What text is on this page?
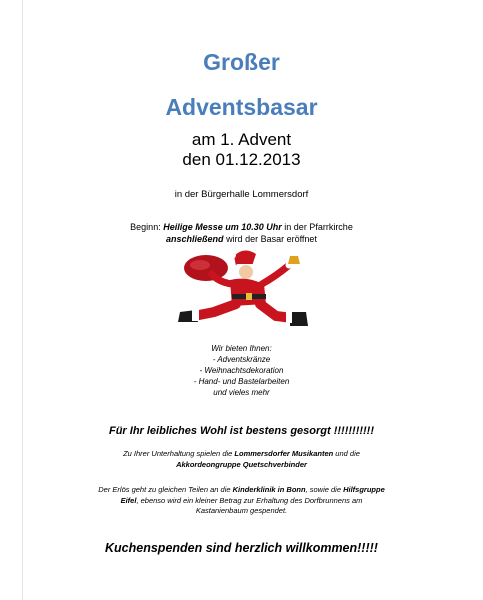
Großer
Adventsbasar
am 1. Advent
den 01.12.2013
in der Bürgerhalle Lommersdorf
Beginn: Heilige Messe um 10.30 Uhr in der Pfarrkirche
anschließend wird der Basar eröffnet
Wir bieten Ihnen:
- Adventskränze
- Weihnachtsdekoration
- Hand- und Bastelarbeiten
und vieles mehr
Für Ihr leibliches Wohl ist bestens gesorgt !!!!!!!!!!!
Zu Ihrer Unterhaltung spielen die Lommersdorfer Musikanten und die
Akkordeongruppe Quetschverbinder
Der Erlös geht zu gleichen Teilen an die Kinderklinik in Bonn, sowie die Hilfsgruppe
Eifel, ebenso wird ein kleiner Betrag zur Erhaltung des Dorfbrunnens am
Kastanienbaum gespendet.
Kuchenspenden sind herzlich willkommen!!!!!
